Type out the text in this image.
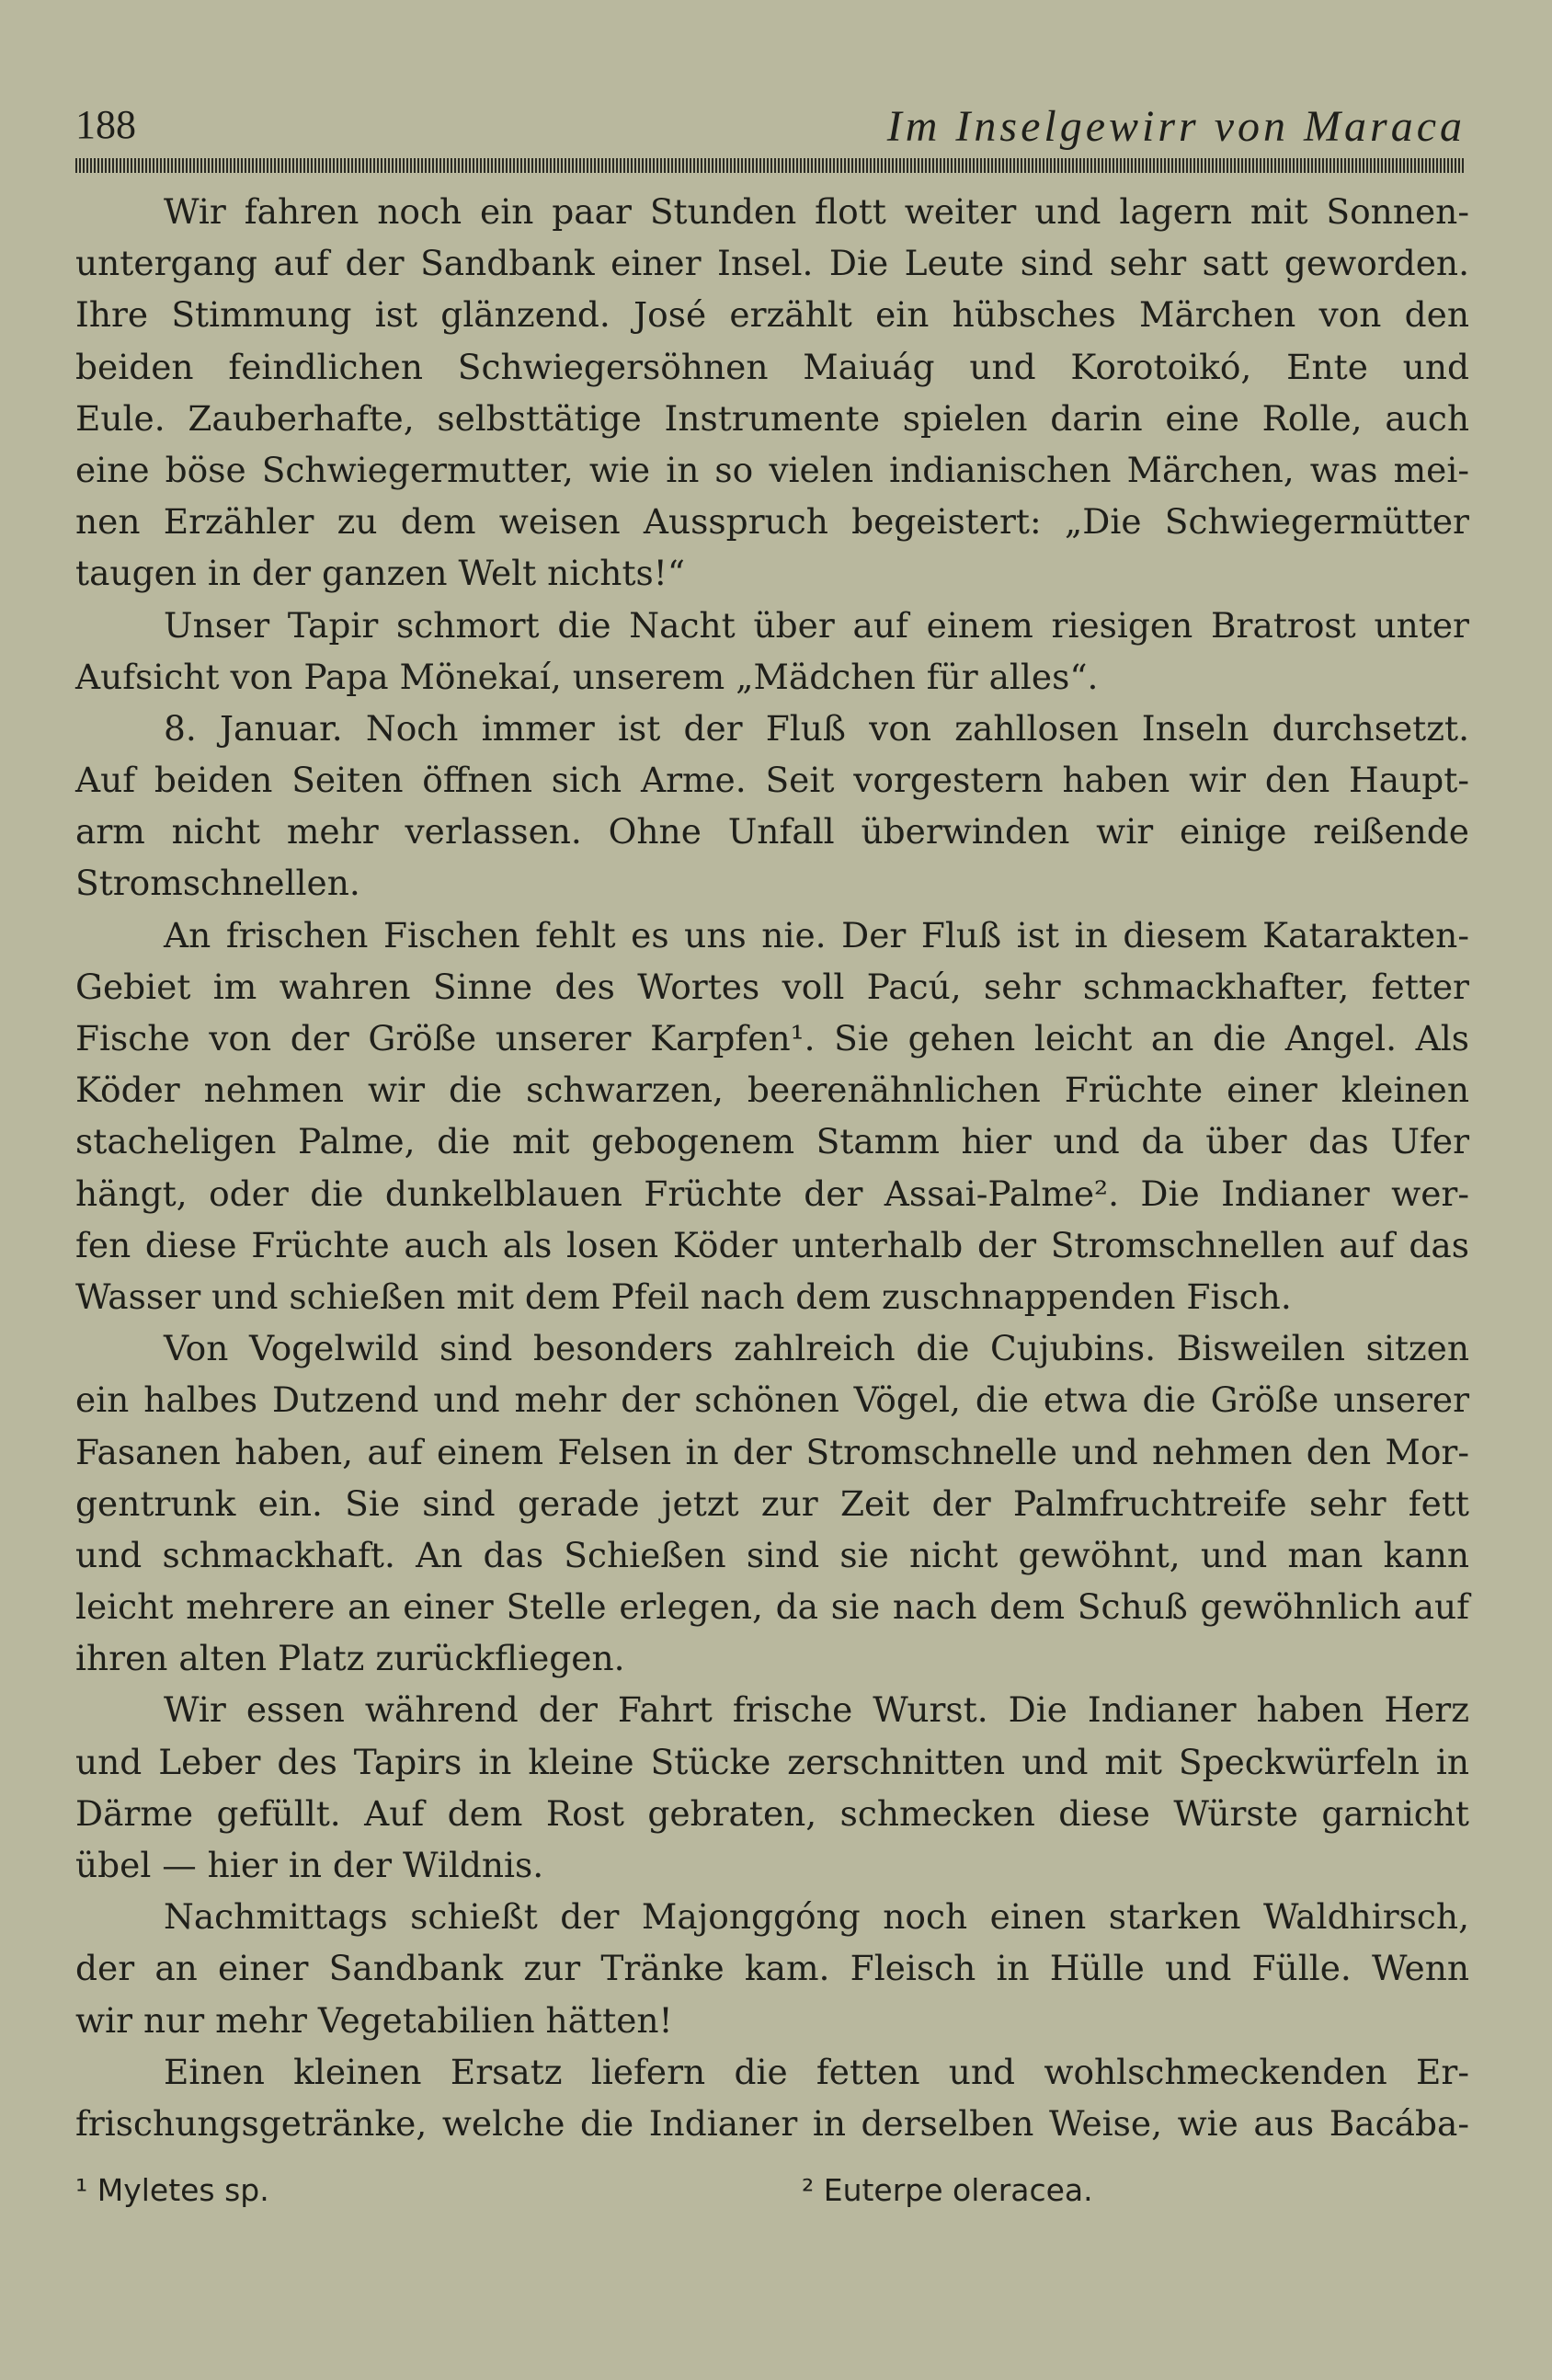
188	Im Inselgewirr von Maraca
Wir fahren noch ein paar Stunden flott weiter und lagern mit Sonnen-
untergang auf der Sandbank einer Insel. Die Leute sind sehr satt geworden.
Ihre Stimmung ist glänzend. José erzählt ein hübsches Märchen von den
beiden feindlichen Schwiegersöhnen Maiuág und Korotoikó, Ente und
Eule. Zauberhafte, selbsttätige Instrumente spielen darin eine Rolle, auch
eine böse Schwiegermutter, wie in so vielen indianischen Märchen, was mei-
nen Erzähler zu dem weisen Ausspruch begeistert: „Die Schwiegermütter
taugen in der ganzen Welt nichts!“
Unser Tapir schmort die Nacht über auf einem riesigen Bratrost unter
Aufsicht von Papa Mönekaí, unserem „Mädchen für alles“.
8. Januar. Noch immer ist der Fluß von zahllosen Inseln durchsetzt.
Auf beiden Seiten öffnen sich Arme. Seit vorgestern haben wir den Haupt-
arm nicht mehr verlassen. Ohne Unfall überwinden wir einige reißende
Stromschnellen.
An frischen Fischen fehlt es uns nie. Der Fluß ist in diesem Katarakten-
Gebiet im wahren Sinne des Wortes voll Pacú, sehr schmackhafter, fetter
Fische von der Größe unserer Karpfen¹. Sie gehen leicht an die Angel. Als
Köder nehmen wir die schwarzen, beerenähnlichen Früchte einer kleinen
stacheligen Palme, die mit gebogenem Stamm hier und da über das Ufer
hängt, oder die dunkelblauen Früchte der Assai-Palme². Die Indianer wer-
fen diese Früchte auch als losen Köder unterhalb der Stromschnellen auf das
Wasser und schießen mit dem Pfeil nach dem zuschnappenden Fisch.
Von Vogelwild sind besonders zahlreich die Cujubins. Bisweilen sitzen
ein halbes Dutzend und mehr der schönen Vögel, die etwa die Größe unserer
Fasanen haben, auf einem Felsen in der Stromschnelle und nehmen den Mor-
gentrunk ein. Sie sind gerade jetzt zur Zeit der Palmfruchtreife sehr fett
und schmackhaft. An das Schießen sind sie nicht gewöhnt, und man kann
leicht mehrere an einer Stelle erlegen, da sie nach dem Schuß gewöhnlich auf
ihren alten Platz zurückfliegen.
Wir essen während der Fahrt frische Wurst. Die Indianer haben Herz
und Leber des Tapirs in kleine Stücke zerschnitten und mit Speckwürfeln in
Därme gefüllt. Auf dem Rost gebraten, schmecken diese Würste garnicht
übel — hier in der Wildnis.
Nachmittags schießt der Majonggóng noch einen starken Waldhirsch,
der an einer Sandbank zur Tränke kam. Fleisch in Hülle und Fülle. Wenn
wir nur mehr Vegetabilien hätten!
Einen kleinen Ersatz liefern die fetten und wohlschmeckenden Er-
frischungsgetränke, welche die Indianer in derselben Weise, wie aus Bacába-
¹ Myletes sp.	² Euterpe oleracea.
